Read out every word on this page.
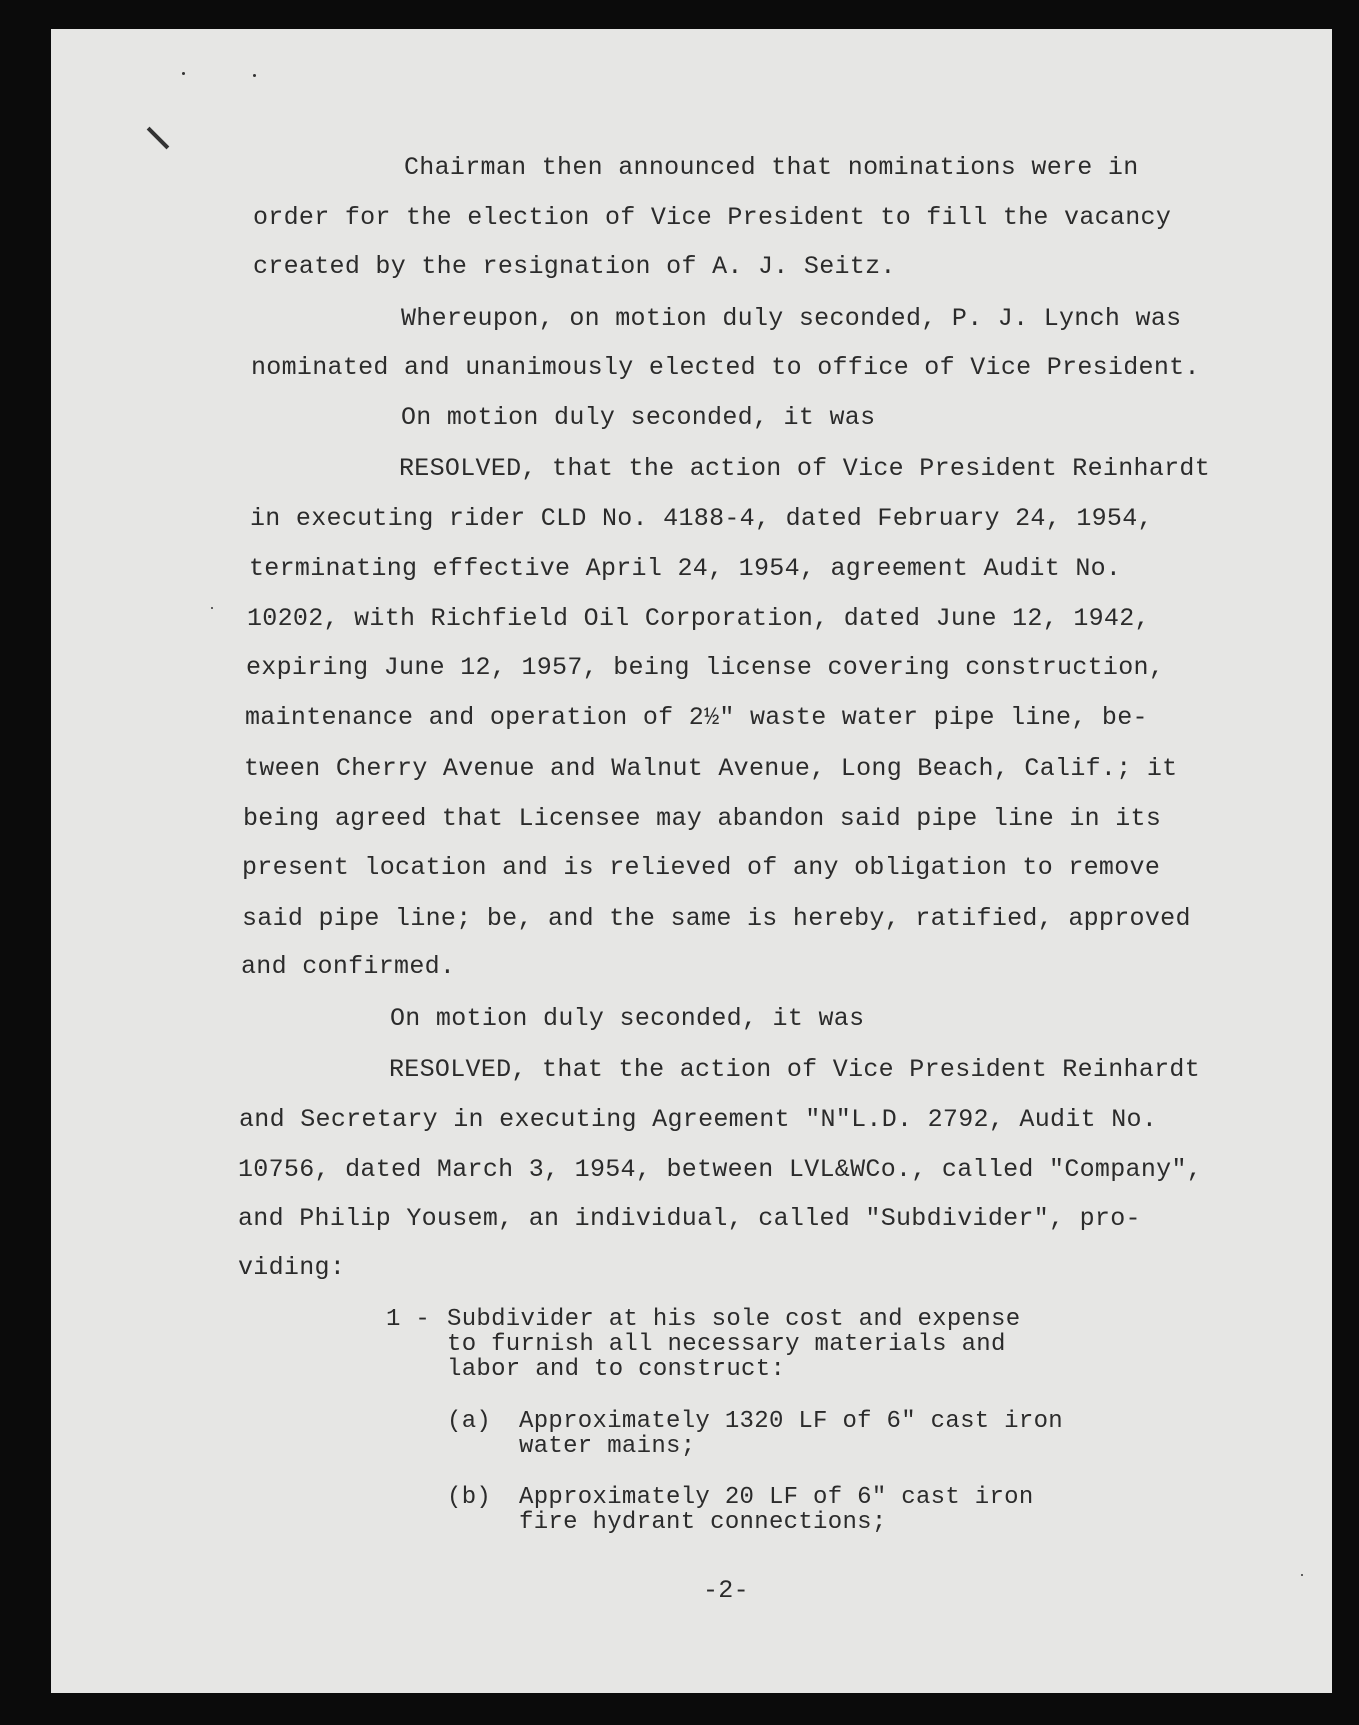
Chairman then announced that nominations were in
order for the election of Vice President to fill the vacancy
created by the resignation of A. J. Seitz.
Whereupon, on motion duly seconded, P. J. Lynch was
nominated and unanimously elected to office of Vice President.
On motion duly seconded, it was
RESOLVED, that the action of Vice President Reinhardt
in executing rider CLD No. 4188-4, dated February 24, 1954,
terminating effective April 24, 1954, agreement Audit No.
10202, with Richfield Oil Corporation, dated June 12, 1942,
expiring June 12, 1957, being license covering construction,
maintenance and operation of 2½" waste water pipe line, be-
tween Cherry Avenue and Walnut Avenue, Long Beach, Calif.; it
being agreed that Licensee may abandon said pipe line in its
present location and is relieved of any obligation to remove
said pipe line; be, and the same is hereby, ratified, approved
and confirmed.
On motion duly seconded, it was
RESOLVED, that the action of Vice President Reinhardt
and Secretary in executing Agreement "N"L.D. 2792, Audit No.
10756, dated March 3, 1954, between LVL&WCo., called "Company",
and Philip Yousem, an individual, called "Subdivider", pro-
viding:
1 - Subdivider at his sole cost and expense
to furnish all necessary materials and
labor and to construct:
(a) Approximately 1320 LF of 6" cast iron
water mains;
(b) Approximately 20 LF of 6" cast iron
fire hydrant connections;
-2-
